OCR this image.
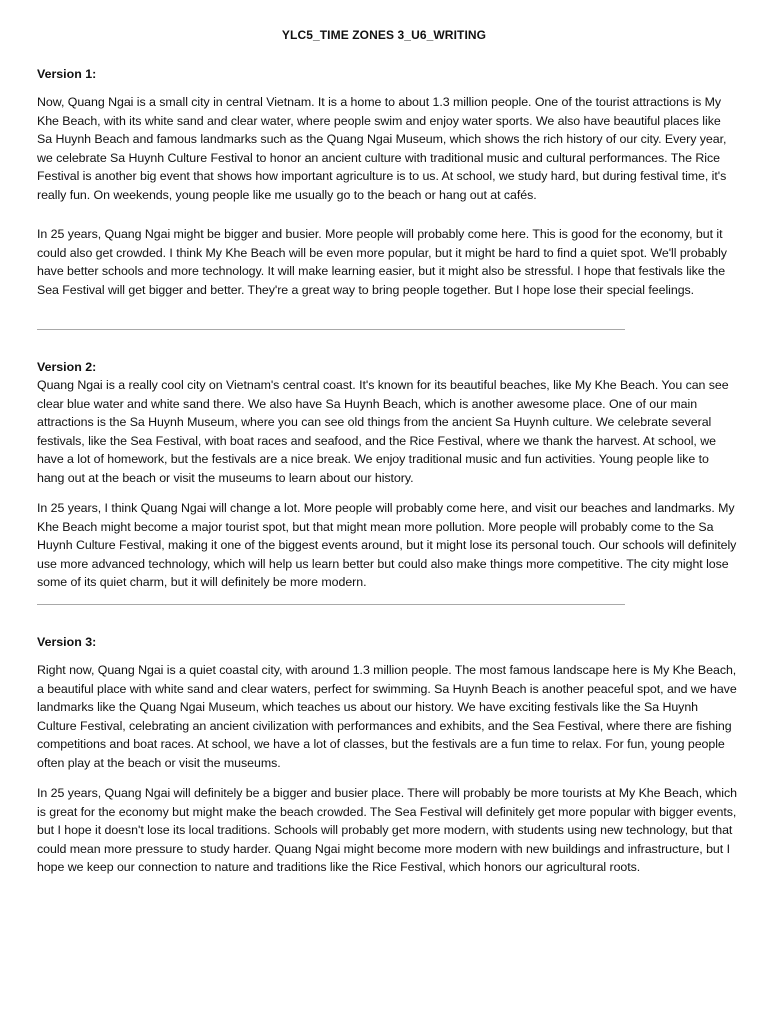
YLC5_TIME ZONES 3_U6_WRITING
Version 1:

Now, Quang Ngai is a small city in central Vietnam. It is a home to about 1.3 million people. One of the tourist attractions is My Khe Beach, with its white sand and clear water, where people swim and enjoy water sports. We also have beautiful places like Sa Huynh Beach and famous landmarks such as the Quang Ngai Museum, which shows the rich history of our city. Every year, we celebrate Sa Huynh Culture Festival to honor an ancient culture with traditional music and cultural performances. The Rice Festival is another big event that shows how important agriculture is to us. At school, we study hard, but during festival time, it's really fun. On weekends, young people like me usually go to the beach or hang out at cafés.

In 25 years, Quang Ngai might be bigger and busier. More people will probably come here. This is good for the economy, but it could also get crowded. I think My Khe Beach will be even more popular, but it might be hard to find a quiet spot. We'll probably have better schools and more technology. It will make learning easier, but it might also be stressful. I hope that festivals like the Sea Festival will get bigger and better. They're a great way to bring people together. But I hope lose their special feelings.

Version 2:

Quang Ngai is a really cool city on Vietnam's central coast. It's known for its beautiful beaches, like My Khe Beach. You can see clear blue water and white sand there. We also have Sa Huynh Beach, which is another awesome place. One of our main attractions is the Sa Huynh Museum, where you can see old things from the ancient Sa Huynh culture. We celebrate several festivals, like the Sea Festival, with boat races and seafood, and the Rice Festival, where we thank the harvest. At school, we have a lot of homework, but the festivals are a nice break. We enjoy traditional music and fun activities. Young people like to hang out at the beach or visit the museums to learn about our history.

In 25 years, I think Quang Ngai will change a lot. More people will probably come here, and visit our beaches and landmarks. My Khe Beach might become a major tourist spot, but that might mean more pollution. More people will probably come to the Sa Huynh Culture Festival, making it one of the biggest events around, but it might lose its personal touch. Our schools will definitely use more advanced technology, which will help us learn better but could also make things more competitive. The city might lose some of its quiet charm, but it will definitely be more modern.

Version 3:

Right now, Quang Ngai is a quiet coastal city, with around 1.3 million people. The most famous landscape here is My Khe Beach, a beautiful place with white sand and clear waters, perfect for swimming. Sa Huynh Beach is another peaceful spot, and we have landmarks like the Quang Ngai Museum, which teaches us about our history. We have exciting festivals like the Sa Huynh Culture Festival, celebrating an ancient civilization with performances and exhibits, and the Sea Festival, where there are fishing competitions and boat races. At school, we have a lot of classes, but the festivals are a fun time to relax. For fun, young people often play at the beach or visit the museums.

In 25 years, Quang Ngai will definitely be a bigger and busier place. There will probably be more tourists at My Khe Beach, which is great for the economy but might make the beach crowded. The Sea Festival will definitely get more popular with bigger events, but I hope it doesn't lose its local traditions. Schools will probably get more modern, with students using new technology, but that could mean more pressure to study harder. Quang Ngai might become more modern with new buildings and infrastructure, but I hope we keep our connection to nature and traditions like the Rice Festival, which honors our agricultural roots.
